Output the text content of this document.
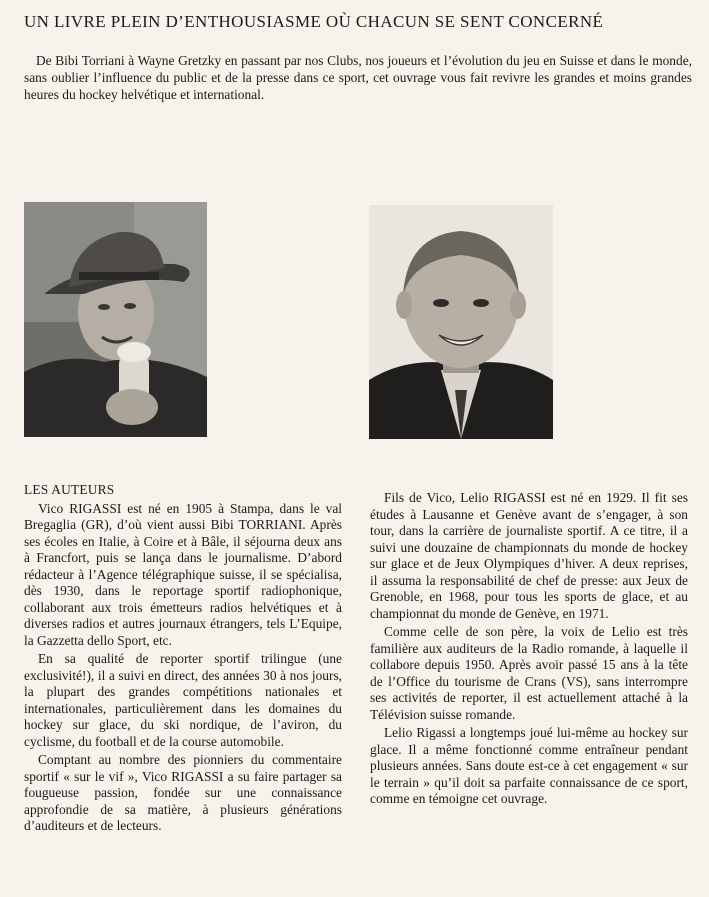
UN LIVRE PLEIN D’ENTHOUSIASME OÙ CHACUN SE SENT CONCERNÉ
De Bibi Torriani à Wayne Gretzky en passant par nos Clubs, nos joueurs et l’évolution du jeu en Suisse et dans le monde, sans oublier l’influence du public et de la presse dans ce sport, cet ouvrage vous fait revivre les grandes et moins grandes heures du hockey helvétique et international.
LES AUTEURS

Vico RIGASSI est né en 1905 à Stampa, dans le val Bregaglia (GR), d’où vient aussi Bibi TORRIANI. Après ses écoles en Italie, à Coire et à Bâle, il séjourna deux ans à Francfort, puis se lança dans le journalisme. D’abord rédacteur à l’Agence télégraphique suisse, il se spécialisa, dès 1930, dans le reportage sportif radiophonique, collaborant aux trois émetteurs radios helvétiques et à diverses radios et autres journaux étrangers, tels L’Equipe, la Gazzetta dello Sport, etc.

En sa qualité de reporter sportif trilingue (une exclusivité!), il a suivi en direct, des années 30 à nos jours, la plupart des grandes compétitions nationales et internationales, particulièrement dans les domaines du hockey sur glace, du ski nordique, de l’aviron, du cyclisme, du football et de la course automobile.

Comptant au nombre des pionniers du commentaire sportif « sur le vif », Vico RIGASSI a su faire partager sa fougueuse passion, fondée sur une connaissance approfondie de sa matière, à plusieurs générations d’auditeurs et de lecteurs.

Fils de Vico, Lelio RIGASSI est né en 1929. Il fit ses études à Lausanne et Genève avant de s’engager, à son tour, dans la carrière de journaliste sportif. A ce titre, il a suivi une douzaine de championnats du monde de hockey sur glace et de Jeux Olympiques d’hiver. A deux reprises, il assuma la responsabilité de chef de presse: aux Jeux de Grenoble, en 1968, pour tous les sports de glace, et au championnat du monde de Genève, en 1971.

Comme celle de son père, la voix de Lelio est très familière aux auditeurs de la Radio romande, à laquelle il collabore depuis 1950. Après avoir passé 15 ans à la tête de l’Office du tourisme de Crans (VS), sans interrompre ses activités de reporter, il est actuellement attaché à la Télévision suisse romande.

Lelio Rigassi a longtemps joué lui-même au hockey sur glace. Il a même fonctionné comme entraîneur pendant plusieurs années. Sans doute est-ce à cet engagement « sur le terrain » qu’il doit sa parfaite connaissance de ce sport, comme en témoigne cet ouvrage.
